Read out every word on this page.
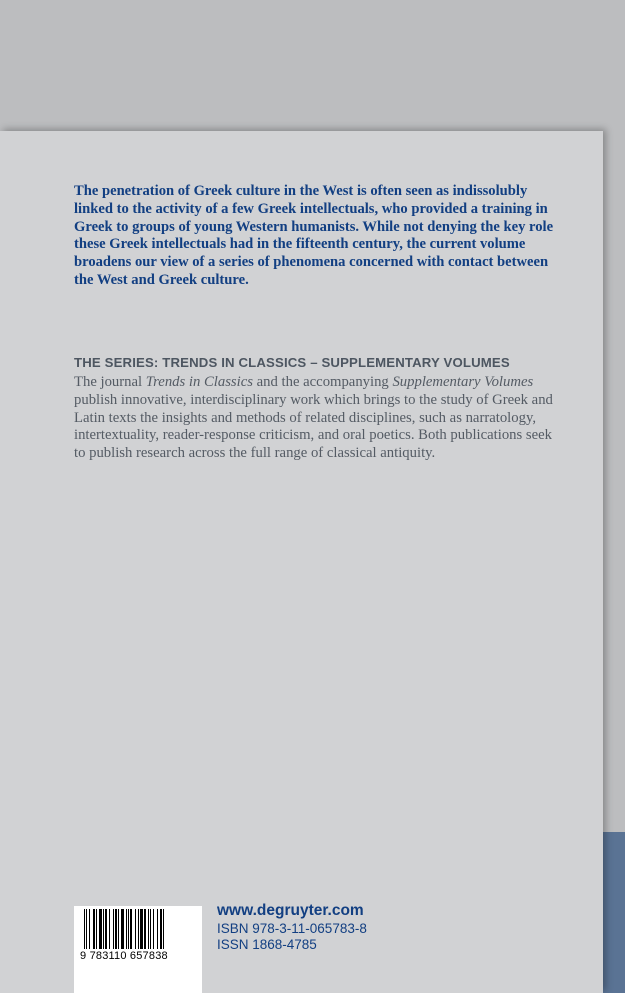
The penetration of Greek culture in the West is often seen as indissolubly linked to the activity of a few Greek intellectuals, who provided a training in Greek to groups of young Western humanists. While not denying the key role these Greek intellectuals had in the fifteenth century, the current volume broadens our view of a series of phenomena concerned with contact between the West and Greek culture.

THE SERIES: TRENDS IN CLASSICS – SUPPLEMENTARY VOLUMES

The journal Trends in Classics and the accompanying Supplementary Volumes publish innovative, interdisciplinary work which brings to the study of Greek and Latin texts the insights and methods of related disciplines, such as narratology, intertextuality, reader-response criticism, and oral poetics. Both publications seek to publish research across the full range of classical antiquity.

9 783110 657838
www.degruyter.com
ISBN 978-3-11-065783-8
ISSN 1868-4785
